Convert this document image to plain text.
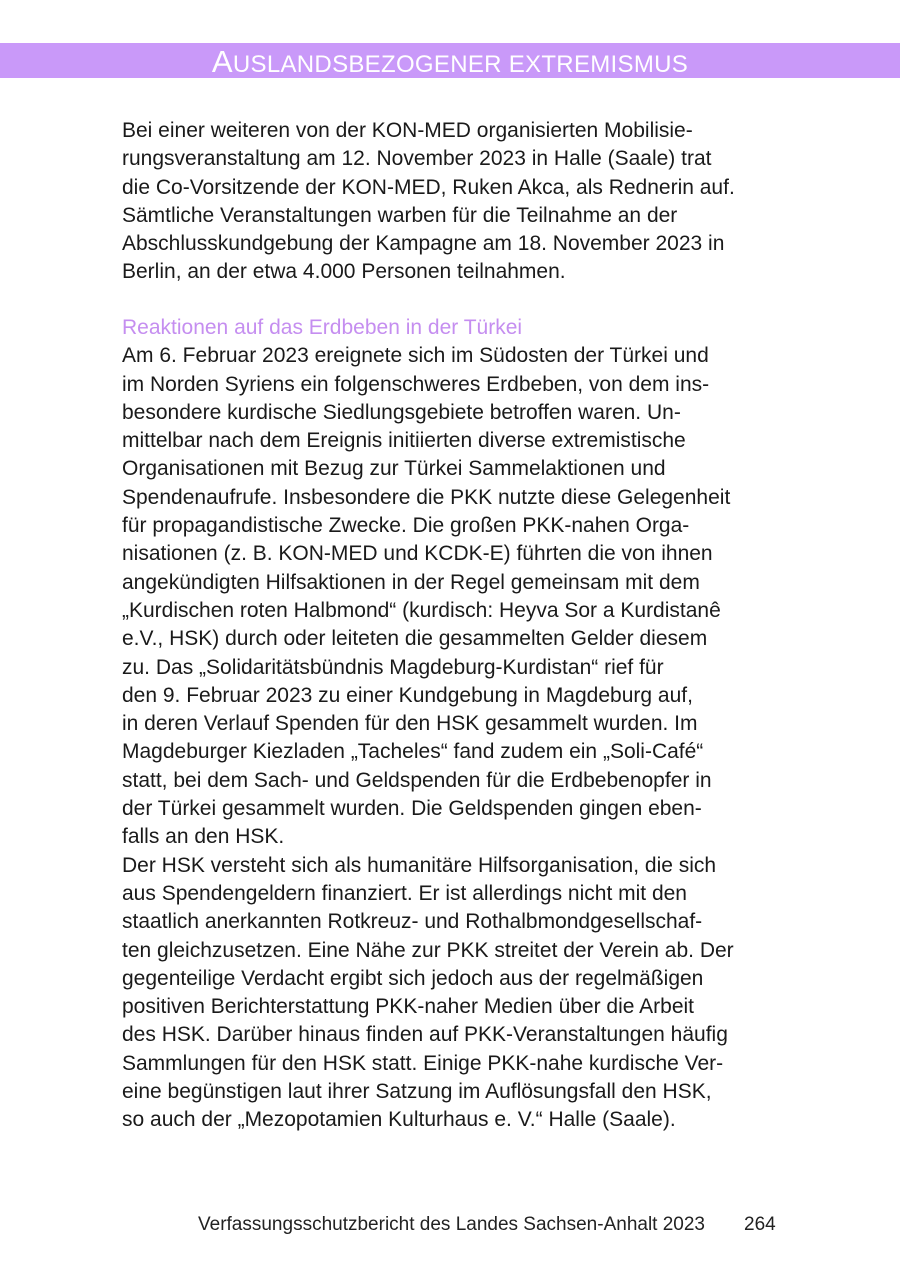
AUSLANDSBEZOGENER EXTREMISMUS
Bei einer weiteren von der KON-MED organisierten Mobilisie-
rungsveranstaltung am 12. November 2023 in Halle (Saale) trat
die Co-Vorsitzende der KON-MED, Ruken Akca, als Rednerin auf.
Sämtliche Veranstaltungen warben für die Teilnahme an der
Abschlusskundgebung der Kampagne am 18. November 2023 in
Berlin, an der etwa 4.000 Personen teilnahmen.
Reaktionen auf das Erdbeben in der Türkei
Am 6. Februar 2023 ereignete sich im Südosten der Türkei und
im Norden Syriens ein folgenschweres Erdbeben, von dem ins-
besondere kurdische Siedlungsgebiete betroffen waren. Un-
mittelbar nach dem Ereignis initiierten diverse extremistische
Organisationen mit Bezug zur Türkei Sammelaktionen und
Spendenaufrufe. Insbesondere die PKK nutzte diese Gelegenheit
für propagandistische Zwecke. Die großen PKK-nahen Orga-
nisationen (z. B. KON-MED und KCDK-E) führten die von ihnen
angekündigten Hilfsaktionen in der Regel gemeinsam mit dem
„Kurdischen roten Halbmond“ (kurdisch: Heyva Sor a Kurdistanê
e.V., HSK) durch oder leiteten die gesammelten Gelder diesem
zu. Das „Solidaritätsbündnis Magdeburg-Kurdistan“ rief für
den 9. Februar 2023 zu einer Kundgebung in Magdeburg auf,
in deren Verlauf Spenden für den HSK gesammelt wurden. Im
Magdeburger Kiezladen „Tacheles“ fand zudem ein „Soli-Café“
statt, bei dem Sach- und Geldspenden für die Erdbebenopfer in
der Türkei gesammelt wurden. Die Geldspenden gingen eben-
falls an den HSK.
Der HSK versteht sich als humanitäre Hilfsorganisation, die sich
aus Spendengeldern finanziert. Er ist allerdings nicht mit den
staatlich anerkannten Rotkreuz- und Rothalbmondgesellschaf-
ten gleichzusetzen. Eine Nähe zur PKK streitet der Verein ab. Der
gegenteilige Verdacht ergibt sich jedoch aus der regelmäßigen
positiven Berichterstattung PKK-naher Medien über die Arbeit
des HSK. Darüber hinaus finden auf PKK-Veranstaltungen häufig
Sammlungen für den HSK statt. Einige PKK-nahe kurdische Ver-
eine begünstigen laut ihrer Satzung im Auflösungsfall den HSK,
so auch der „Mezopotamien Kulturhaus e. V.“ Halle (Saale).
Verfassungsschutzbericht des Landes Sachsen-Anhalt 2023 264
